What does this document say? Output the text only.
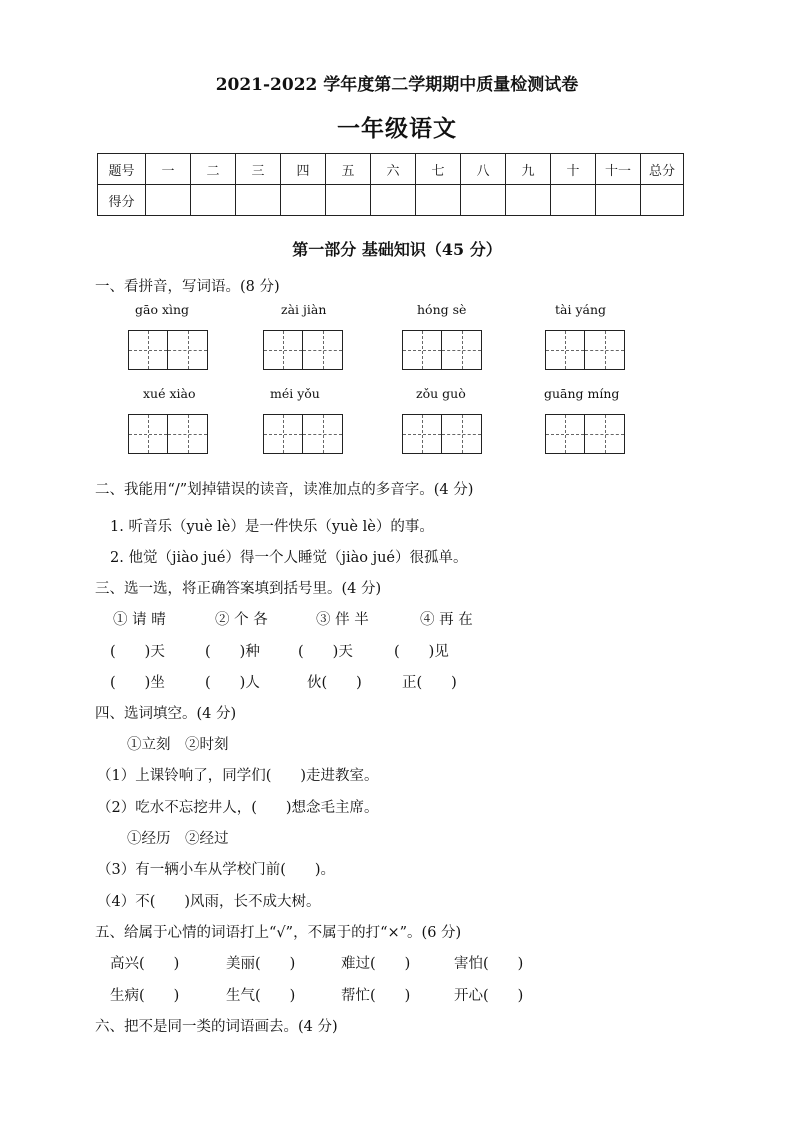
2021-2022 学年度第二学期期中质量检测试卷
一年级语文
题号	一	二	三	四	五	六	七	八	九	十	十一	总分
得分												
第一部分 基础知识（45 分）
一、看拼音，写词语。(8 分)
gāo xìng	zài jiàn	hóng sè	tài yáng
xué xiào	méi yǒu	zǒu guò	guāng míng
二、我能用“/”划掉错误的读音，读准加点的多音字。(4 分)
1. 听音乐（yuè lè）是一件快乐（yuè lè）的事。
2. 他觉（jiào jué）得一个人睡觉（jiào jué）很孤单。
三、选一选，将正确答案填到括号里。(4 分)
① 请 晴	② 个 各	③ 伴 半	④ 再 在
(　　)天	(　　)种	(　　)天	(　　)见
(　　)坐	(　　)人	伙(　　)	正(　　)
四、选词填空。(4 分)
①立刻　②时刻
（1）上课铃响了，同学们(　　)走进教室。
（2）吃水不忘挖井人，(　　)想念毛主席。
①经历　②经过
（3）有一辆小车从学校门前(　　)。
（4）不(　　)风雨，长不成大树。
五、给属于心情的词语打上“√”，不属于的打“×”。(6 分)
高兴(　　)	美丽(　　)	难过(　　)	害怕(　　)
生病(　　)	生气(　　)	帮忙(　　)	开心(　　)
六、把不是同一类的词语画去。(4 分)
